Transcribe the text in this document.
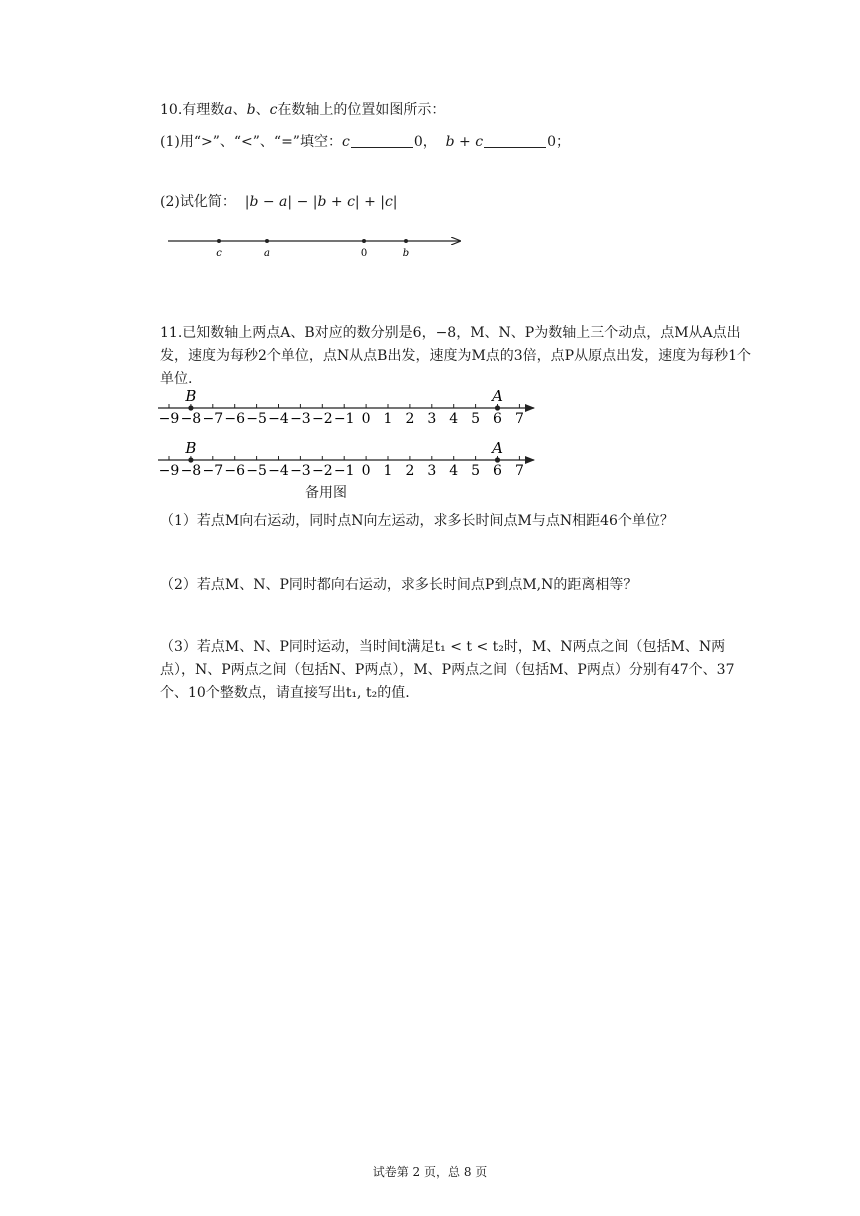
10.有理数a、b、c在数轴上的位置如图所示：
(1)用“>”、“<”、“=”填空：c	0， b + c	0；
(2)试化简： |b − a| − |b + c| + |c|
c	a	0	b
11.已知数轴上两点A、B对应的数分别是6，−8，M、N、P为数轴上三个动点，点M从A点出发，速度为每秒2个单位，点N从点B出发，速度为M点的3倍，点P从原点出发，速度为每秒1个单位.
−9 −8 −7 −6 −5 −4 −3 −2 −1 0 1 2 3 4 5 6 7
B	A
−9 −8 −7 −6 −5 −4 −3 −2 −1 0 1 2 3 4 5 6 7
B	A
备用图
（1）若点M向右运动，同时点N向左运动，求多长时间点M与点N相距46个单位？
（2）若点M、N、P同时都向右运动，求多长时间点P到点M,N的距离相等？
（3）若点M、N、P同时运动，当时间t满足t₁ < t < t₂时，M、N两点之间（包括M、N两点），N、P两点之间（包括N、P两点），M、P两点之间（包括M、P两点）分别有47个、37个、10个整数点，请直接写出t₁, t₂的值.
试卷第 2 页，总 8 页
